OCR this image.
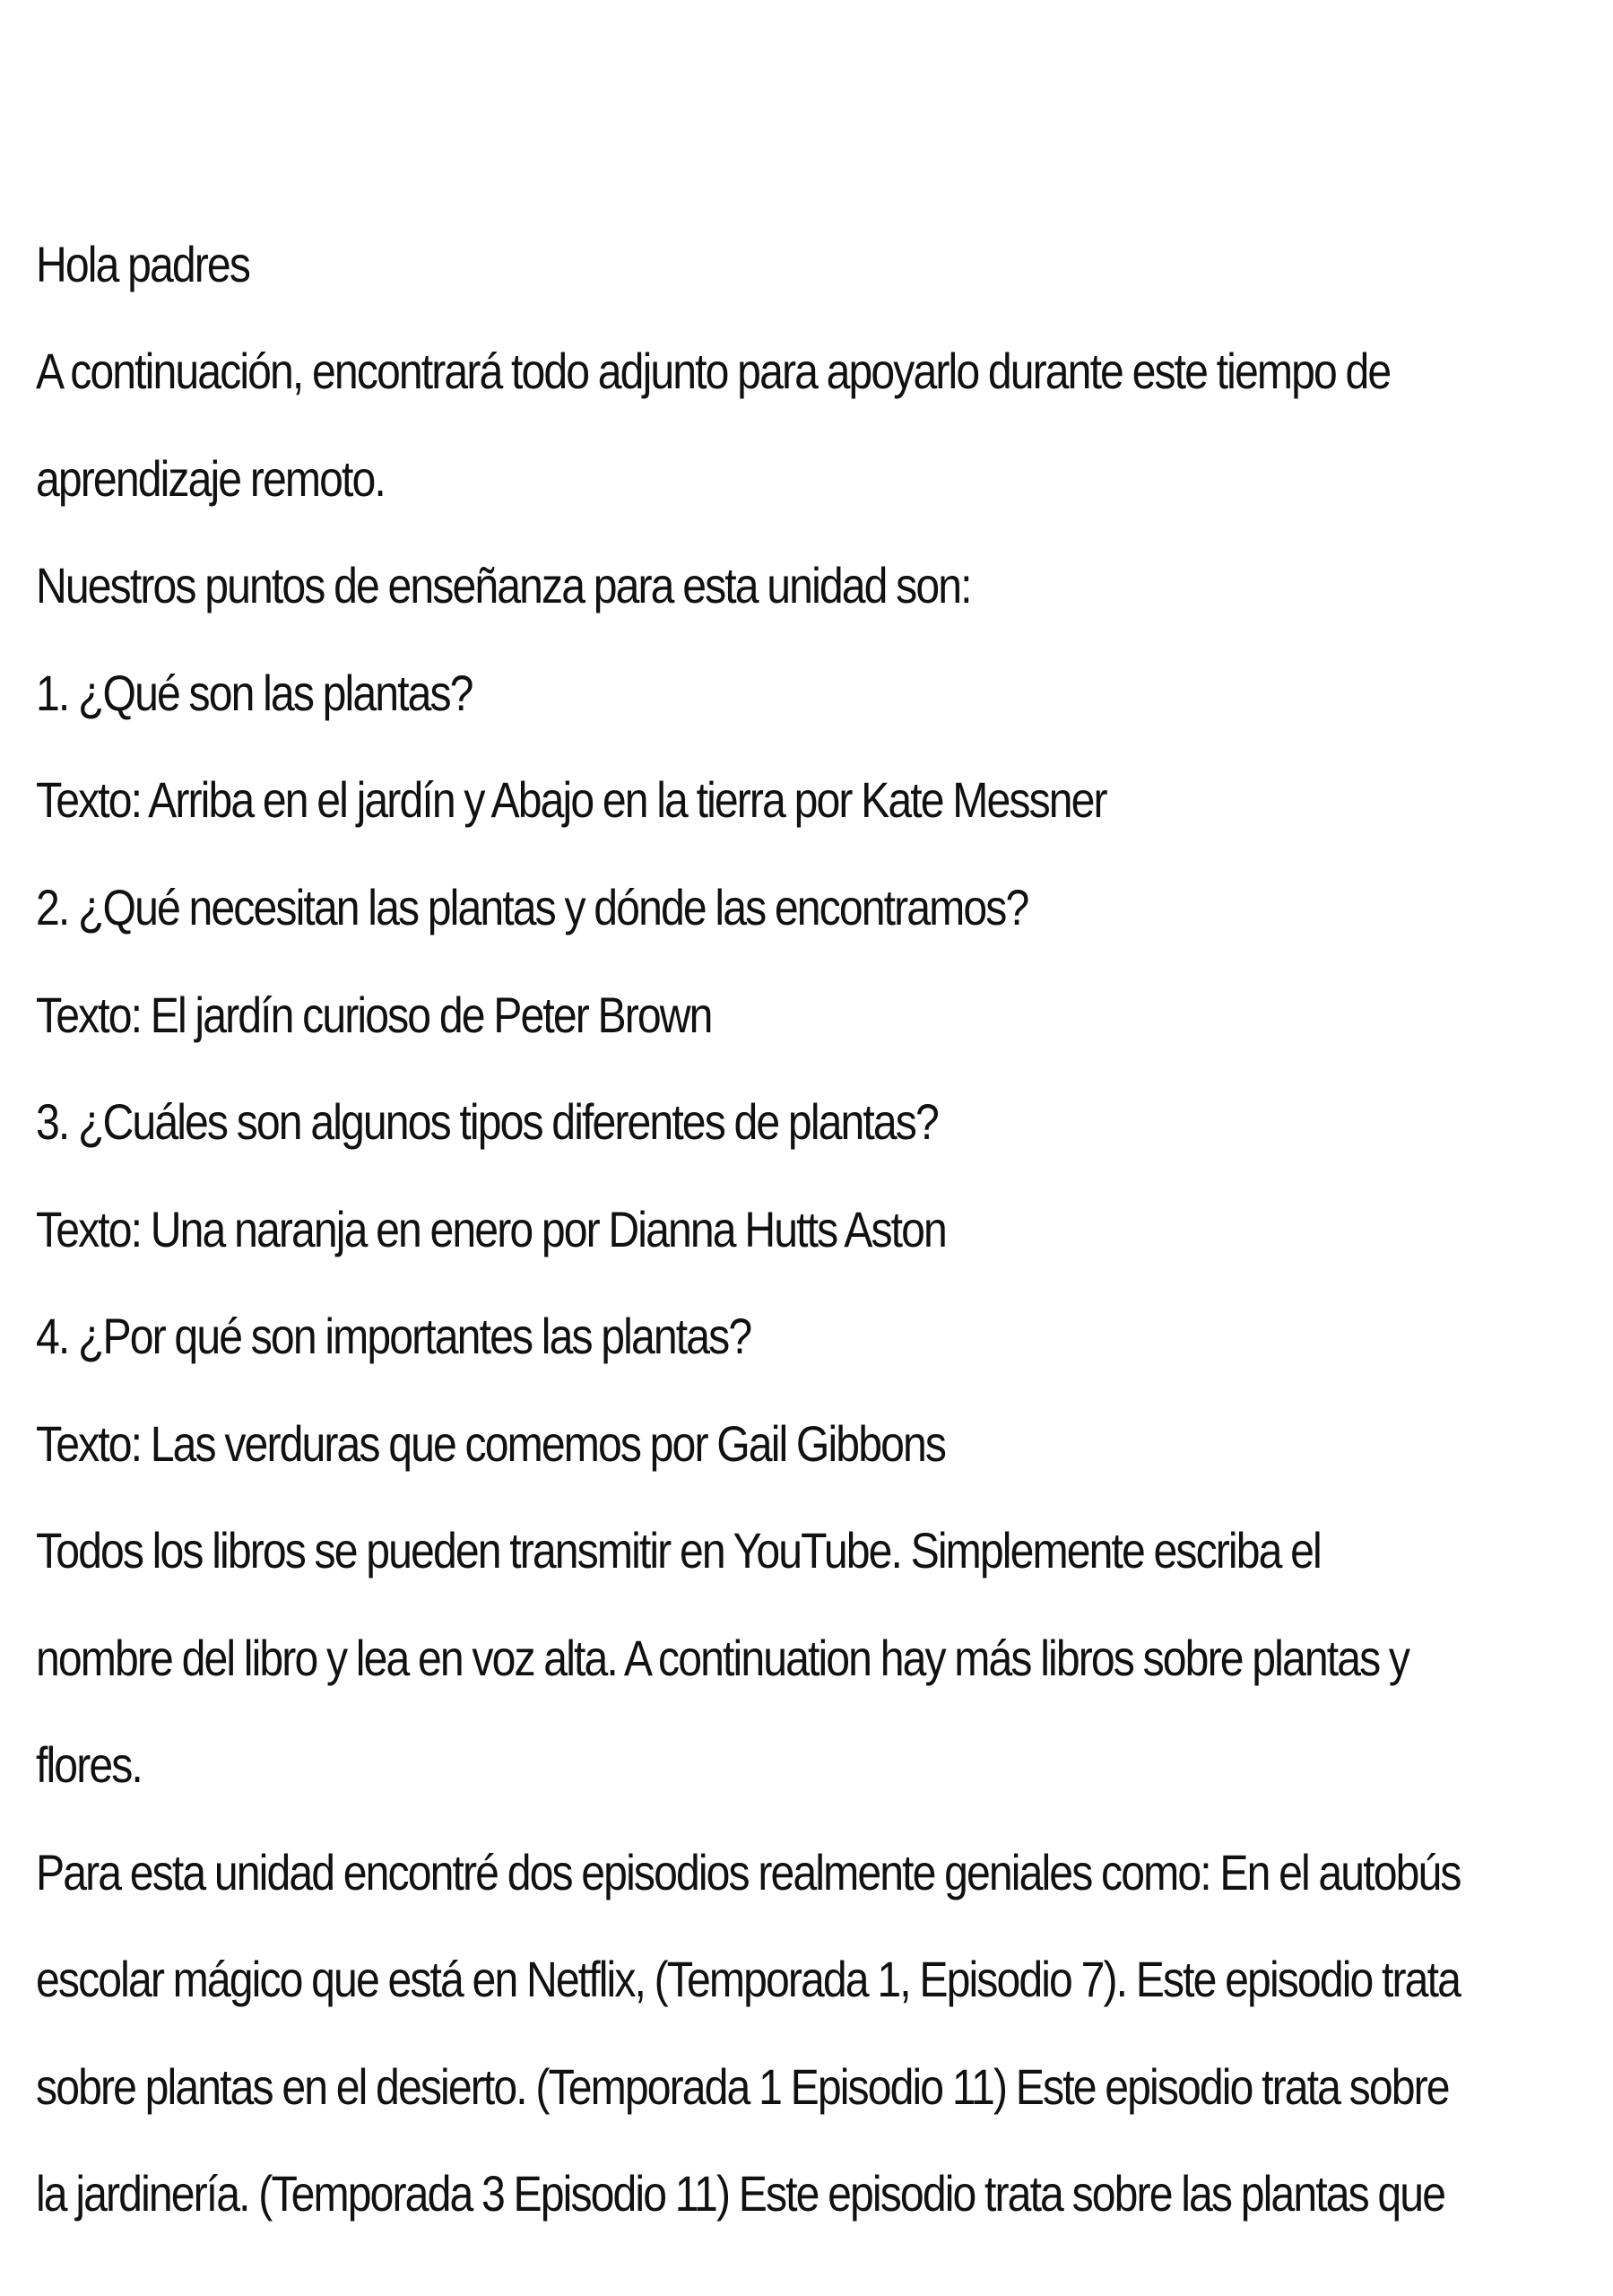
Hola padres
A continuación, encontrará todo adjunto para apoyarlo durante este tiempo de
aprendizaje remoto.
Nuestros puntos de enseñanza para esta unidad son:
1. ¿Qué son las plantas?
Texto: Arriba en el jardín y Abajo en la tierra por Kate Messner
2. ¿Qué necesitan las plantas y dónde las encontramos?
Texto: El jardín curioso de Peter Brown
3. ¿Cuáles son algunos tipos diferentes de plantas?
Texto: Una naranja en enero por Dianna Hutts Aston
4. ¿Por qué son importantes las plantas?
Texto: Las verduras que comemos por Gail Gibbons
Todos los libros se pueden transmitir en YouTube. Simplemente escriba el
nombre del libro y lea en voz alta. A continuation hay más libros sobre plantas y
flores.
Para esta unidad encontré dos episodios realmente geniales como: En el autobús
escolar mágico que está en Netflix, (Temporada 1, Episodio 7). Este episodio trata
sobre plantas en el desierto. (Temporada 1 Episodio 11) Este episodio trata sobre
la jardinería. (Temporada 3 Episodio 11) Este episodio trata sobre las plantas que
